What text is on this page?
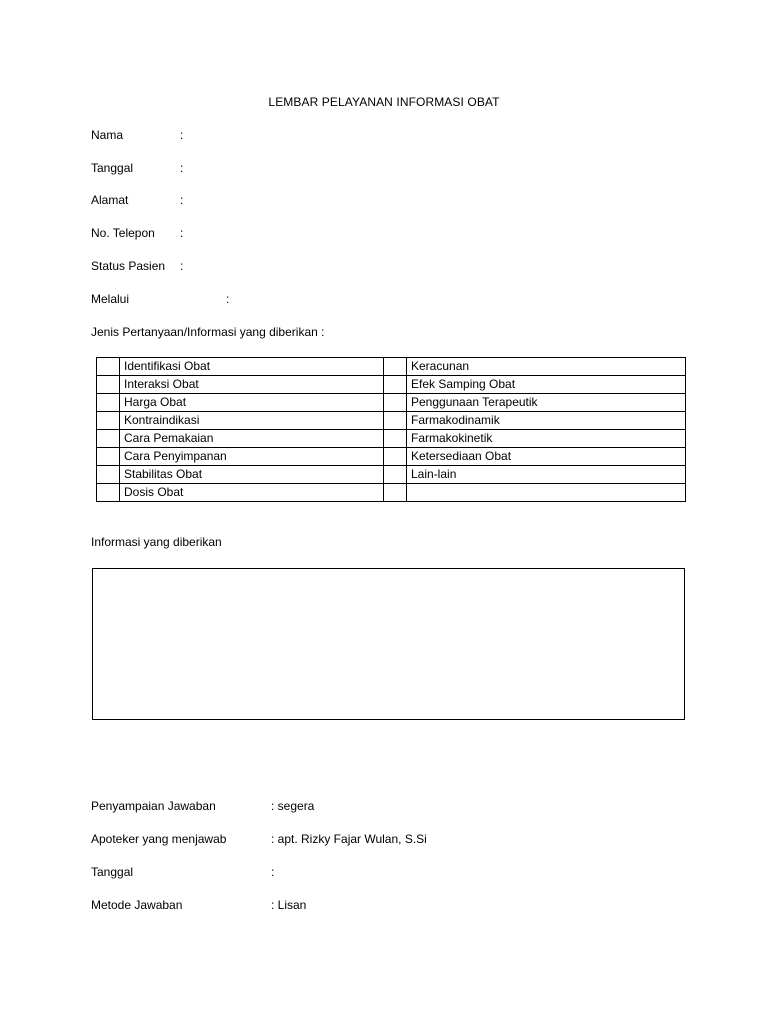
LEMBAR PELAYANAN INFORMASI OBAT
Nama	:
Tanggal	:
Alamat	:
No. Telepon :
Status Pasien :
Melalui	:
Jenis Pertanyaan/Informasi yang diberikan :
	Identifikasi Obat		Keracunan
	Interaksi Obat		Efek Samping Obat
	Harga Obat		Penggunaan Terapeutik
	Kontraindikasi		Farmakodinamik
	Cara Pemakaian		Farmakokinetik
	Cara Penyimpanan		Ketersediaan Obat
	Stabilitas Obat		Lain-lain
	Dosis Obat		
Informasi yang diberikan
Penyampaian Jawaban	: segera
Apoteker yang menjawab	: apt. Rizky Fajar Wulan, S.Si
Tanggal	:
Metode Jawaban	: Lisan
